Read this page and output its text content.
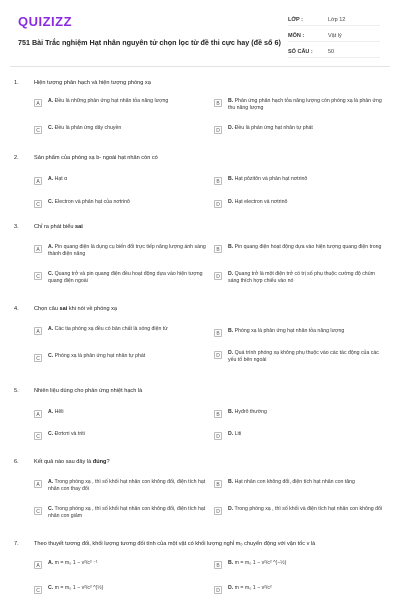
QUIZIZZ
751 Bài Trắc nghiệm Hạt nhân nguyên tử chọn lọc từ đề thi cực hay (đề số 6)
LỚP :	Lớp 12
MÔN :	Vật lý
SỐ CÂU :	50
1.	Hiện tượng phân hạch và hiện tượng phóng xạ
A	A. Đều là những phản ứng hạt nhân tỏa năng lượng	B	B. Phản ứng phân hạch tỏa năng lượng còn phóng xạ là phản ứng thu năng lượng
C	C. Đều là phản ứng dây chuyền	D	D. Đều là phản ứng hạt nhân tự phát
2.	Sản phẩm của phóng xạ b- ngoài hạt nhân còn có
A	A. Hạt α	B	B. Hạt pôzitôn và phản hạt nơtrinô
C	C. Electron và phản hạt của nơtrinô	D	D. Hạt electron và nơtrinô
3.	Chỉ ra phát biểu sai
A	A. Pin quang điện là dụng cụ biến đổi trực tiếp năng lượng ánh sáng thành điện năng
B	B. Pin quang điện hoạt động dựa vào hiện tượng quang điện trong
C	C. Quang trở và pin quang điện đều hoạt động dựa vào hiện tượng quang điện ngoài
D	D. Quang trở là một điện trở có trị số phụ thuộc cường độ chùm sáng thích hợp chiếu vào nó
4.	Chọn câu sai khi nói về phóng xạ
A	A. Các tia phóng xạ đều có bản chất là sóng điện từ
B	B. Phóng xạ là phản ứng hạt nhân tỏa năng lượng
C	C. Phóng xạ là phản ứng hạt nhân tự phát	D	D. Quá trình phóng xạ không phụ thuộc vào các tác động của các yếu tố bên ngoài
5.	Nhiên liệu dùng cho phản ứng nhiệt hạch là
A	A. Hêli	B	B. Hyđrô thường
C	C. Đơtơri và triti	D	D. Liti
6.	Kết quả nào sau đây là đúng?
A	A. Trong phóng xạ , thì số khối hạt nhân con không đổi, điện tích hạt nhân con thay đổi
B	B. Hạt nhân con không đổi, điện tích hạt nhân con tăng
C	C. Trong phóng xạ , thì số khối hạt nhân con không đổi, điện tích hạt nhân con giảm
D	D. Trong phóng xạ , thì số khối và điện tích hạt nhân con không đổi
7.	Theo thuyết tương đối, khối lượng tương đối tính của một vật có khối lượng nghỉ m₀ chuyển động với vận tốc v là
A	A. m = m₀ 1 − v²/c² ⁻¹	B	B. m = m₀ 1 − v²/c² ^(−½)
C	C. m = m₀ 1 − v²/c² ^(½)	D	D. m = m₀ 1 − v²/c²
